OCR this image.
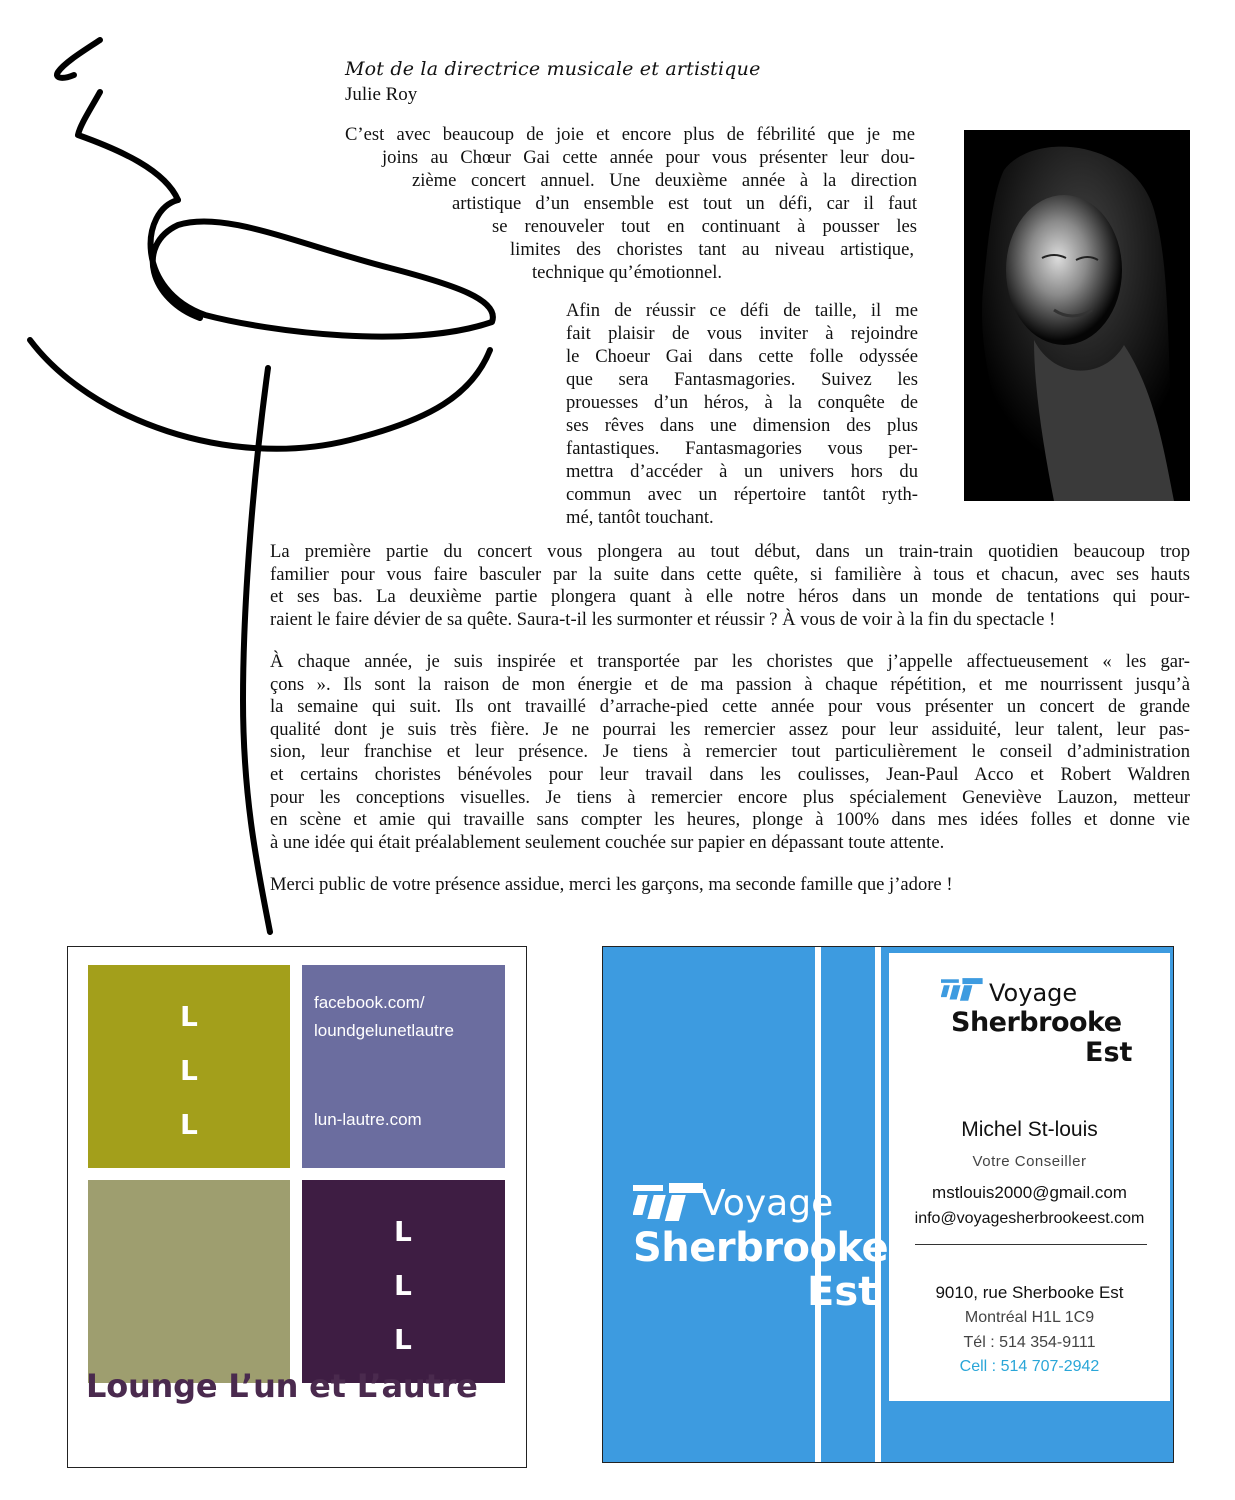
Mot de la directrice musicale et artistique
Julie Roy
C’est avec beaucoup de joie et encore plus de fébrilité que je me
joins au Chœur Gai cette année pour vous présenter leur dou-
zième concert annuel. Une deuxième année à la direction
artistique d’un ensemble est tout un défi, car il faut
se renouveler tout en continuant à pousser les
limites des choristes tant au niveau artistique,
technique qu’émotionnel.
Afin de réussir ce défi de taille, il me
fait plaisir de vous inviter à rejoindre
le Choeur Gai dans cette folle odyssée
que sera Fantasmagories. Suivez les
prouesses d’un héros, à la conquête de
ses rêves dans une dimension des plus
fantastiques. Fantasmagories vous per-
mettra d’accéder à un univers hors du
commun avec un répertoire tantôt ryth-
mé, tantôt touchant.
La première partie du concert vous plongera au tout début, dans un train-train quotidien beaucoup trop
familier pour vous faire basculer par la suite dans cette quête, si familière à tous et chacun, avec ses hauts
et ses bas. La deuxième partie plongera quant à elle notre héros dans un monde de tentations qui pour-
raient le faire dévier de sa quête. Saura-t-il les surmonter et réussir ? À vous de voir à la fin du spectacle !
À chaque année, je suis inspirée et transportée par les choristes que j’appelle affectueusement « les gar-
çons ». Ils sont la raison de mon énergie et de ma passion à chaque répétition, et me nourrissent jusqu’à
la semaine qui suit. Ils ont travaillé d’arrache-pied cette année pour vous présenter un concert de grande
qualité dont je suis très fière. Je ne pourrai les remercier assez pour leur assiduité, leur talent, leur pas-
sion, leur franchise et leur présence. Je tiens à remercier tout particulièrement le conseil d’administration
et certains choristes bénévoles pour leur travail dans les coulisses, Jean-Paul Acco et Robert Waldren
pour les conceptions visuelles. Je tiens à remercier encore plus spécialement Geneviève Lauzon, metteur
en scène et amie qui travaille sans compter les heures, plonge à 100% dans mes idées folles et donne vie
à une idée qui était préalablement seulement couchée sur papier en dépassant toute attente.
Merci public de votre présence assidue, merci les garçons, ma seconde famille que j’adore !
L
L
L
facebook.com/
loundgelunetlautre
lun-lautre.com
L
L
L
Lounge L’un et L’autre
Voyage
Sherbrooke
Est
Voyage
Sherbrooke
Est
Michel St-louis
Votre Conseiller
mstlouis2000@gmail.com
info@voyagesherbrookeest.com
9010, rue Sherbooke Est
Montréal H1L 1C9
Tél : 514 354-9111
Cell : 514 707-2942
